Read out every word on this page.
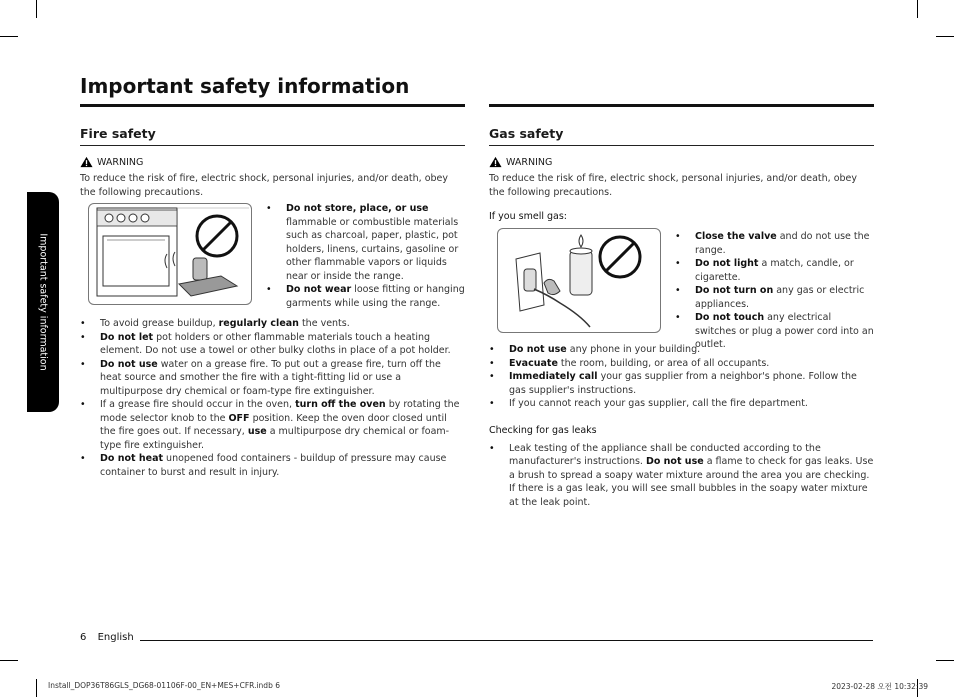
Important safety information
Important safety information
Fire safety
WARNING

To reduce the risk of fire, electric shock, personal injuries, and/or death, obey the following precautions.

• Do not store, place, or use flammable or combustible materials such as charcoal, paper, plastic, pot holders, linens, curtains, gasoline or other flammable vapors or liquids near or inside the range.
• Do not wear loose fitting or hanging garments while using the range.
• To avoid grease buildup, regularly clean the vents.
• Do not let pot holders or other flammable materials touch a heating element. Do not use a towel or other bulky cloths in place of a pot holder.
• Do not use water on a grease fire. To put out a grease fire, turn off the heat source and smother the fire with a tight-fitting lid or use a multipurpose dry chemical or foam-type fire extinguisher.
• If a grease fire should occur in the oven, turn off the oven by rotating the mode selector knob to the OFF position. Keep the oven door closed until the fire goes out. If necessary, use a multipurpose dry chemical or foam-type fire extinguisher.
• Do not heat unopened food containers - buildup of pressure may cause container to burst and result in injury.
Gas safety
WARNING

To reduce the risk of fire, electric shock, personal injuries, and/or death, obey the following precautions.

If you smell gas:

• Close the valve and do not use the range.
• Do not light a match, candle, or cigarette.
• Do not turn on any gas or electric appliances.
• Do not touch any electrical switches or plug a power cord into an outlet.
• Do not use any phone in your building.
• Evacuate the room, building, or area of all occupants.
• Immediately call your gas supplier from a neighbor's phone. Follow the gas supplier's instructions.
• If you cannot reach your gas supplier, call the fire department.

Checking for gas leaks

• Leak testing of the appliance shall be conducted according to the manufacturer's instructions. Do not use a flame to check for gas leaks. Use a brush to spread a soapy water mixture around the area you are checking. If there is a gas leak, you will see small bubbles in the soapy water mixture at the leak point.
6 English
Install_DOP36T86GLS_DG68-01106F-00_EN+MES+CFR.indb 6	2023-02-28 오전 10:32:39
